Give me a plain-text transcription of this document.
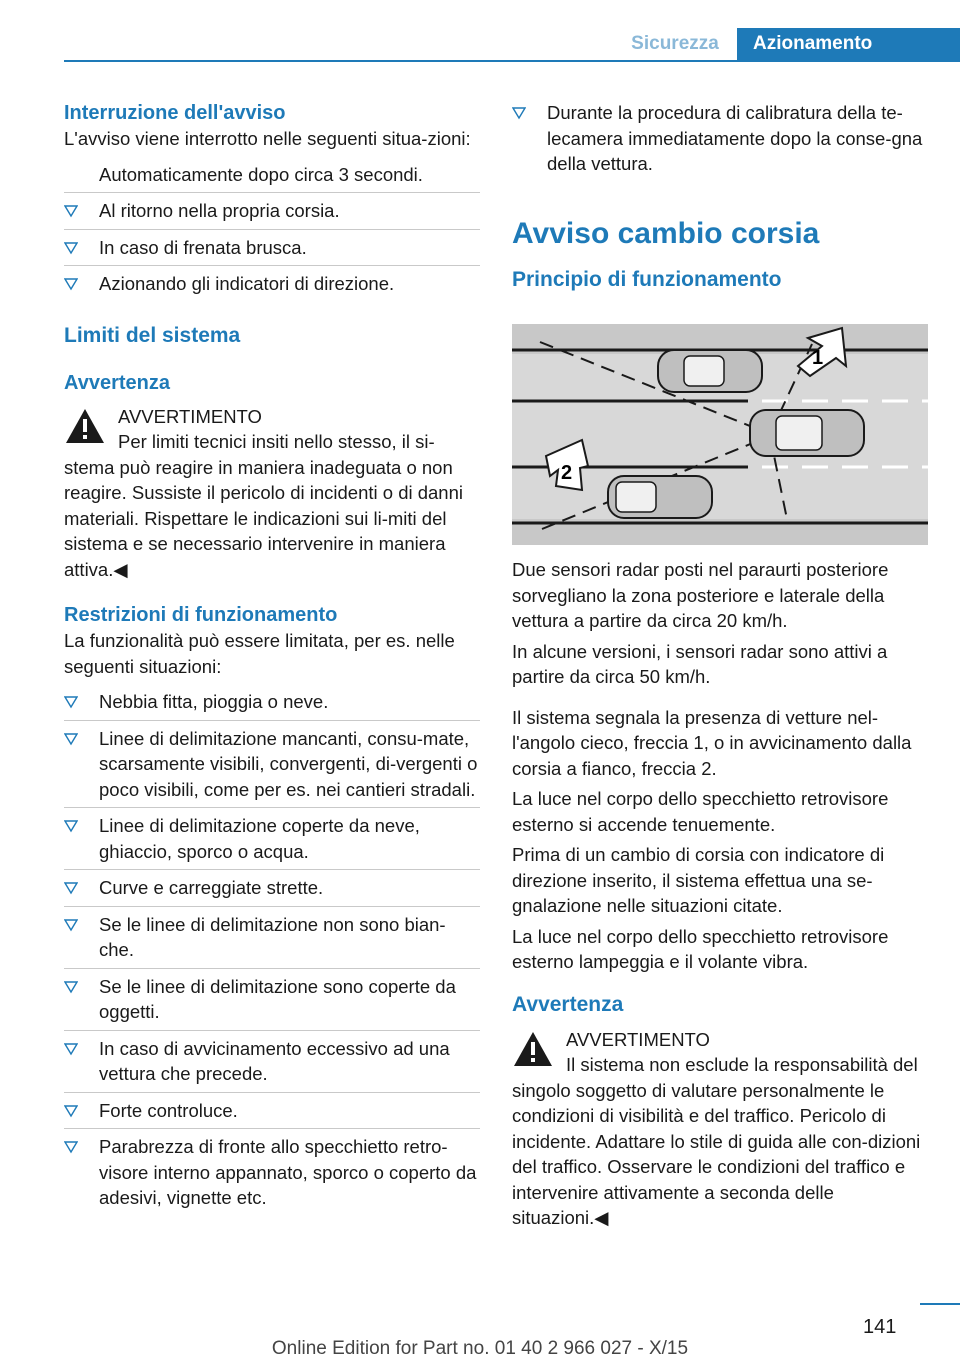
Sicurezza	Azionamento
Interruzione dell'avviso

L'avviso viene interrotto nelle seguenti situa‐zioni:

Automaticamente dopo circa 3 secondi.
Al ritorno nella propria corsia.
In caso di frenata brusca.
Azionando gli indicatori di direzione.
Limiti del sistema
Avvertenza
AVVERTIMENTO
Per limiti tecnici insiti nello stesso, il si‐stema può reagire in maniera inadeguata o non reagire. Sussiste il pericolo di incidenti o di danni materiali. Rispettare le indicazioni sui li‐miti del sistema e se necessario intervenire in maniera attiva.◀
Restrizioni di funzionamento

La funzionalità può essere limitata, per es. nelle seguenti situazioni:

Nebbia fitta, pioggia o neve.
Linee di delimitazione mancanti, consu‐mate, scarsamente visibili, convergenti, di‐vergenti o poco visibili, come per es. nei cantieri stradali.
Linee di delimitazione coperte da neve, ghiaccio, sporco o acqua.
Curve e carreggiate strette.
Se le linee di delimitazione non sono bian‐che.
Se le linee di delimitazione sono coperte da oggetti.
In caso di avvicinamento eccessivo ad una vettura che precede.
Forte controluce.
Parabrezza di fronte allo specchietto retro‐visore interno appannato, sporco o coperto da adesivi, vignette etc.
Durante la procedura di calibratura della te‐lecamera immediatamente dopo la conse‐gna della vettura.
Avviso cambio corsia
Principio di funzionamento
1
2

Due sensori radar posti nel paraurti posteriore sorvegliano la zona posteriore e laterale della vettura a partire da circa 20 km/h.

In alcune versioni, i sensori radar sono attivi a partire da circa 50 km/h.

Il sistema segnala la presenza di vetture nel‐l'angolo cieco, freccia 1, o in avvicinamento dalla corsia a fianco, freccia 2.

La luce nel corpo dello specchietto retrovisore esterno si accende tenuemente.

Prima di un cambio di corsia con indicatore di direzione inserito, il sistema effettua una se‐gnalazione nelle situazioni citate.

La luce nel corpo dello specchietto retrovisore esterno lampeggia e il volante vibra.

Avvertenza
AVVERTIMENTO
Il sistema non esclude la responsabilità del singolo soggetto di valutare personalmente le condizioni di visibilità e del traffico. Pericolo di incidente. Adattare lo stile di guida alle con‐dizioni del traffico. Osservare le condizioni del traffico e intervenire attivamente a seconda delle situazioni.◀
141
Online Edition for Part no. 01 40 2 966 027 - X/15
